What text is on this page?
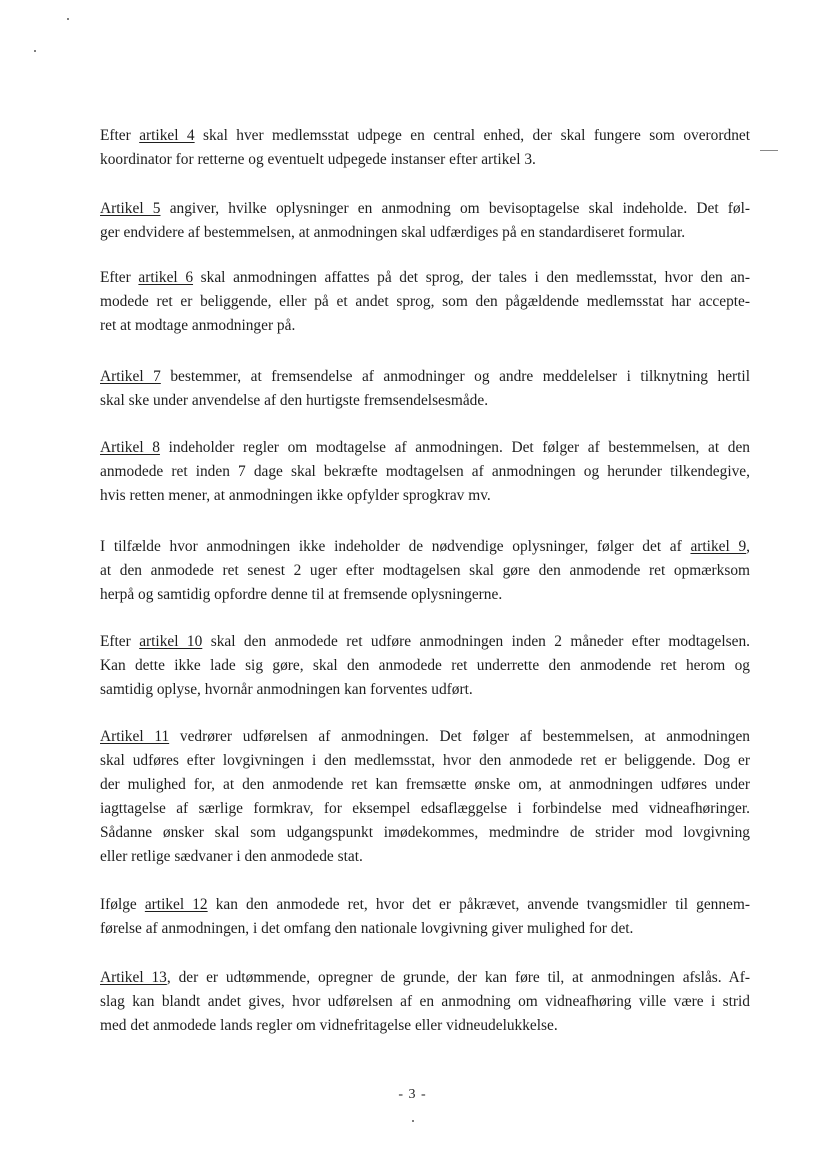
Efter artikel 4 skal hver medlemsstat udpege en central enhed, der skal fungere som overordnet
koordinator for retterne og eventuelt udpegede instanser efter artikel 3.

Artikel 5 angiver, hvilke oplysninger en anmodning om bevisoptagelse skal indeholde. Det føl-
ger endvidere af bestemmelsen, at anmodningen skal udfærdiges på en standardiseret formular.

Efter artikel 6 skal anmodningen affattes på det sprog, der tales i den medlemsstat, hvor den an-
modede ret er beliggende, eller på et andet sprog, som den pågældende medlemsstat har accepte-
ret at modtage anmodninger på.

Artikel 7 bestemmer, at fremsendelse af anmodninger og andre meddelelser i tilknytning hertil
skal ske under anvendelse af den hurtigste fremsendelsesmåde.

Artikel 8 indeholder regler om modtagelse af anmodningen. Det følger af bestemmelsen, at den
anmodede ret inden 7 dage skal bekræfte modtagelsen af anmodningen og herunder tilkendegive,
hvis retten mener, at anmodningen ikke opfylder sprogkrav mv.

I tilfælde hvor anmodningen ikke indeholder de nødvendige oplysninger, følger det af artikel 9,
at den anmodede ret senest 2 uger efter modtagelsen skal gøre den anmodende ret opmærksom
herpå og samtidig opfordre denne til at fremsende oplysningerne.

Efter artikel 10 skal den anmodede ret udføre anmodningen inden 2 måneder efter modtagelsen.
Kan dette ikke lade sig gøre, skal den anmodede ret underrette den anmodende ret herom og
samtidig oplyse, hvornår anmodningen kan forventes udført.

Artikel 11 vedrører udførelsen af anmodningen. Det følger af bestemmelsen, at anmodningen
skal udføres efter lovgivningen i den medlemsstat, hvor den anmodede ret er beliggende. Dog er
der mulighed for, at den anmodende ret kan fremsætte ønske om, at anmodningen udføres under
iagttagelse af særlige formkrav, for eksempel edsaflæggelse i forbindelse med vidneafhøringer.
Sådanne ønsker skal som udgangspunkt imødekommes, medmindre de strider mod lovgivning
eller retlige sædvaner i den anmodede stat.

Ifølge artikel 12 kan den anmodede ret, hvor det er påkrævet, anvende tvangsmidler til gennem-
førelse af anmodningen, i det omfang den nationale lovgivning giver mulighed for det.

Artikel 13, der er udtømmende, opregner de grunde, der kan føre til, at anmodningen afslås. Af-
slag kan blandt andet gives, hvor udførelsen af en anmodning om vidneafhøring ville være i strid
med det anmodede lands regler om vidnefritagelse eller vidneudelukkelse.

- 3 -
